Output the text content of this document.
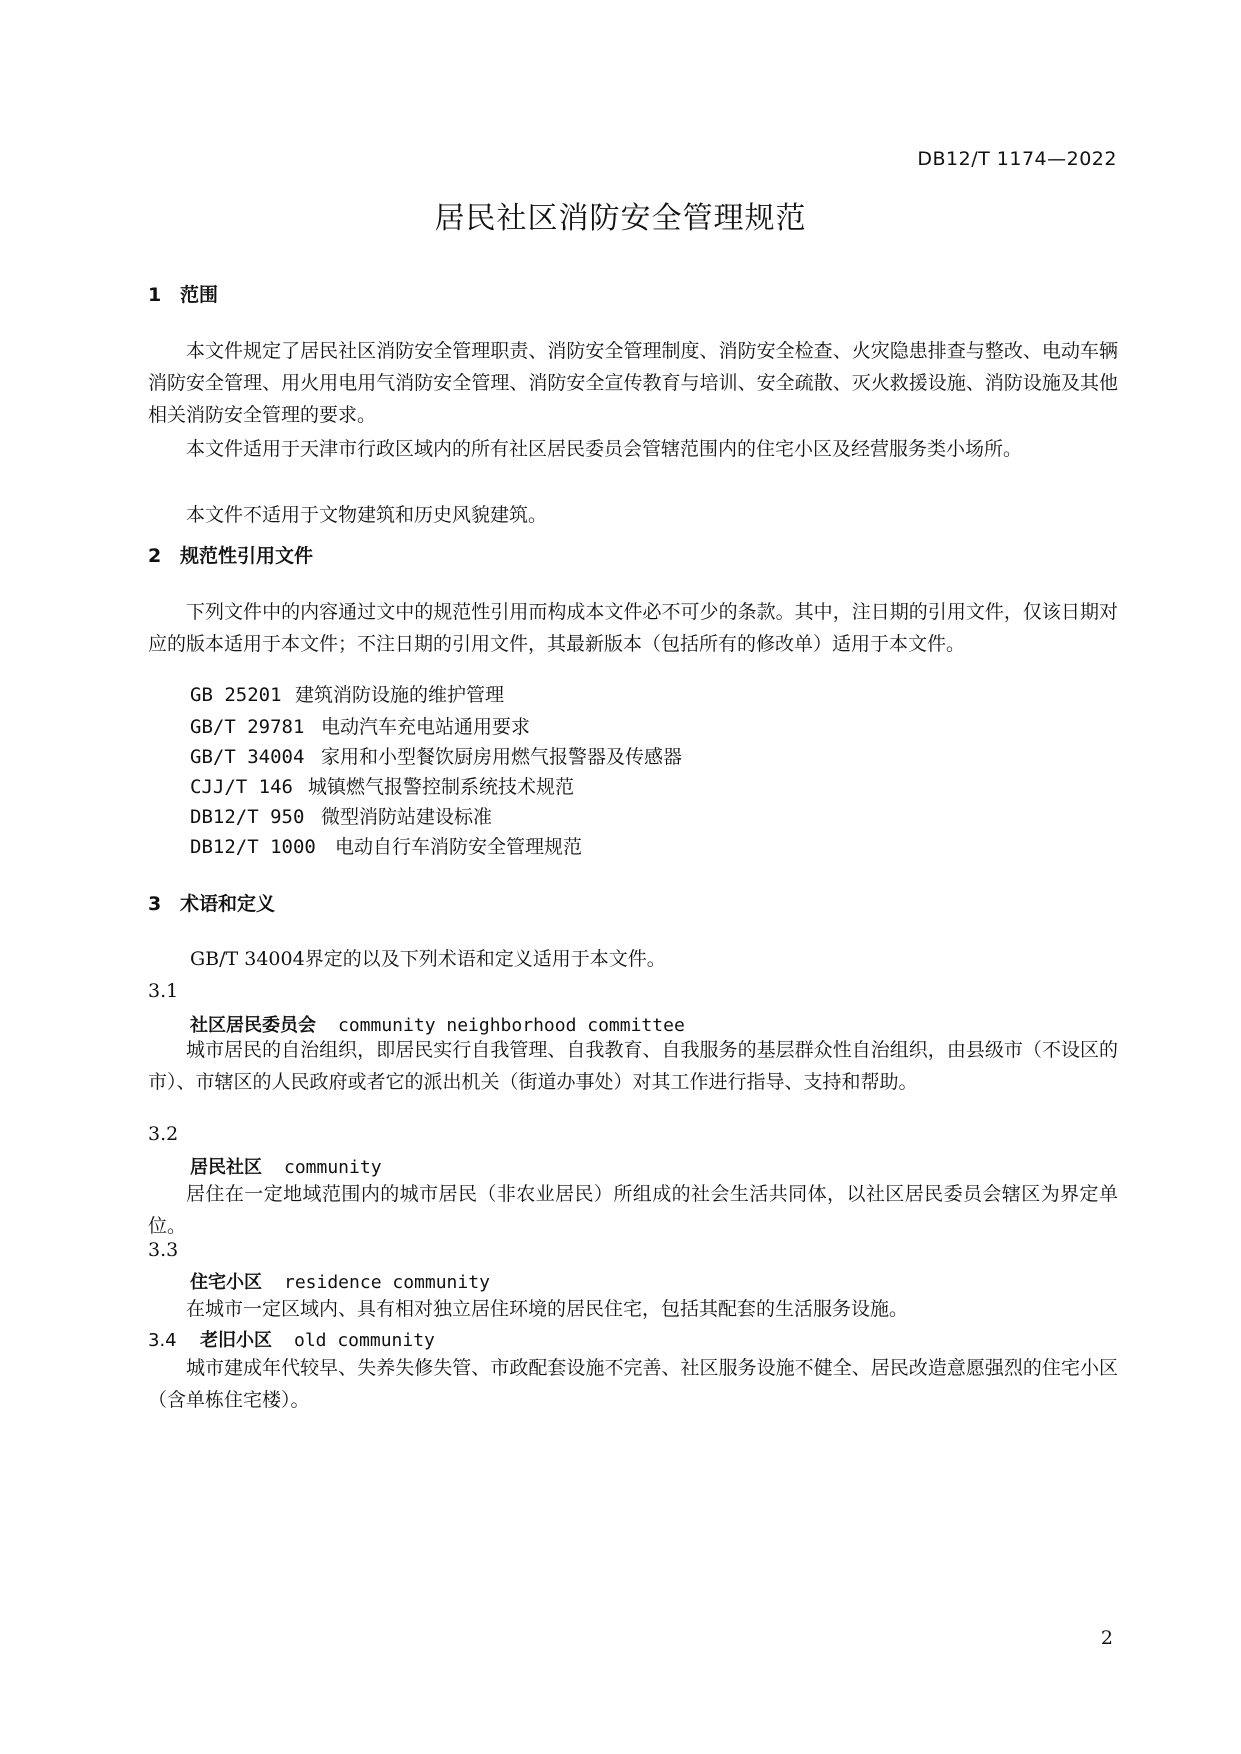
DB12/T 1174—2022
居民社区消防安全管理规范
1 范围
本文件规定了居民社区消防安全管理职责、消防安全管理制度、消防安全检查、火灾隐患排查与整改、电动车辆消防安全管理、用火用电用气消防安全管理、消防安全宣传教育与培训、安全疏散、灭火救援设施、消防设施及其他相关消防安全管理的要求。
本文件适用于天津市行政区域内的所有社区居民委员会管辖范围内的住宅小区及经营服务类小场所。
本文件不适用于文物建筑和历史风貌建筑。
2 规范性引用文件
下列文件中的内容通过文中的规范性引用而构成本文件必不可少的条款。其中，注日期的引用文件，仅该日期对应的版本适用于本文件；不注日期的引用文件，其最新版本（包括所有的修改单）适用于本文件。
GB 25201 建筑消防设施的维护管理
GB/T 29781 电动汽车充电站通用要求
GB/T 34004 家用和小型餐饮厨房用燃气报警器及传感器
CJJ/T 146 城镇燃气报警控制系统技术规范
DB12/T 950 微型消防站建设标准
DB12/T 1000 电动自行车消防安全管理规范
3 术语和定义
GB/T 34004界定的以及下列术语和定义适用于本文件。
3.1
社区居民委员会 community neighborhood committee
城市居民的自治组织，即居民实行自我管理、自我教育、自我服务的基层群众性自治组织，由县级市（不设区的市）、市辖区的人民政府或者它的派出机关（街道办事处）对其工作进行指导、支持和帮助。
3.2
居民社区 community
居住在一定地域范围内的城市居民（非农业居民）所组成的社会生活共同体，以社区居民委员会辖区为界定单位。
3.3
住宅小区 residence community
在城市一定区域内、具有相对独立居住环境的居民住宅，包括其配套的生活服务设施。
3.4 老旧小区 old community
城市建成年代较早、失养失修失管、市政配套设施不完善、社区服务设施不健全、居民改造意愿强烈的住宅小区（含单栋住宅楼）。
2
